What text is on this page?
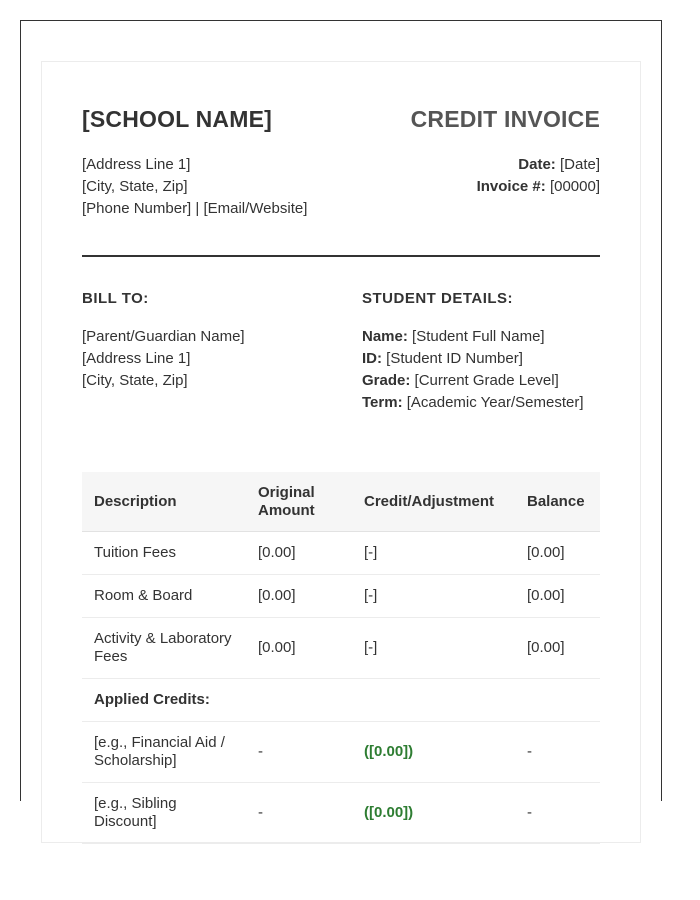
[SCHOOL NAME]	CREDIT INVOICE
[Address Line 1]
[City, State, Zip]
[Phone Number] | [Email/Website]
Date: [Date]
Invoice #: [00000]
BILL TO:	STUDENT DETAILS:
[Parent/Guardian Name]
[Address Line 1]
[City, State, Zip]
Name: [Student Full Name]
ID: [Student ID Number]
Grade: [Current Grade Level]
Term: [Academic Year/Semester]
Description	Original Amount	Credit/Adjustment	Balance
Tuition Fees	[0.00]	[-]	[0.00]
Room & Board	[0.00]	[-]	[0.00]
Activity & Laboratory Fees	[0.00]	[-]	[0.00]
Applied Credits:			
[e.g., Financial Aid / Scholarship]	-	([0.00])	-
[e.g., Sibling Discount]	-	([0.00])	-
